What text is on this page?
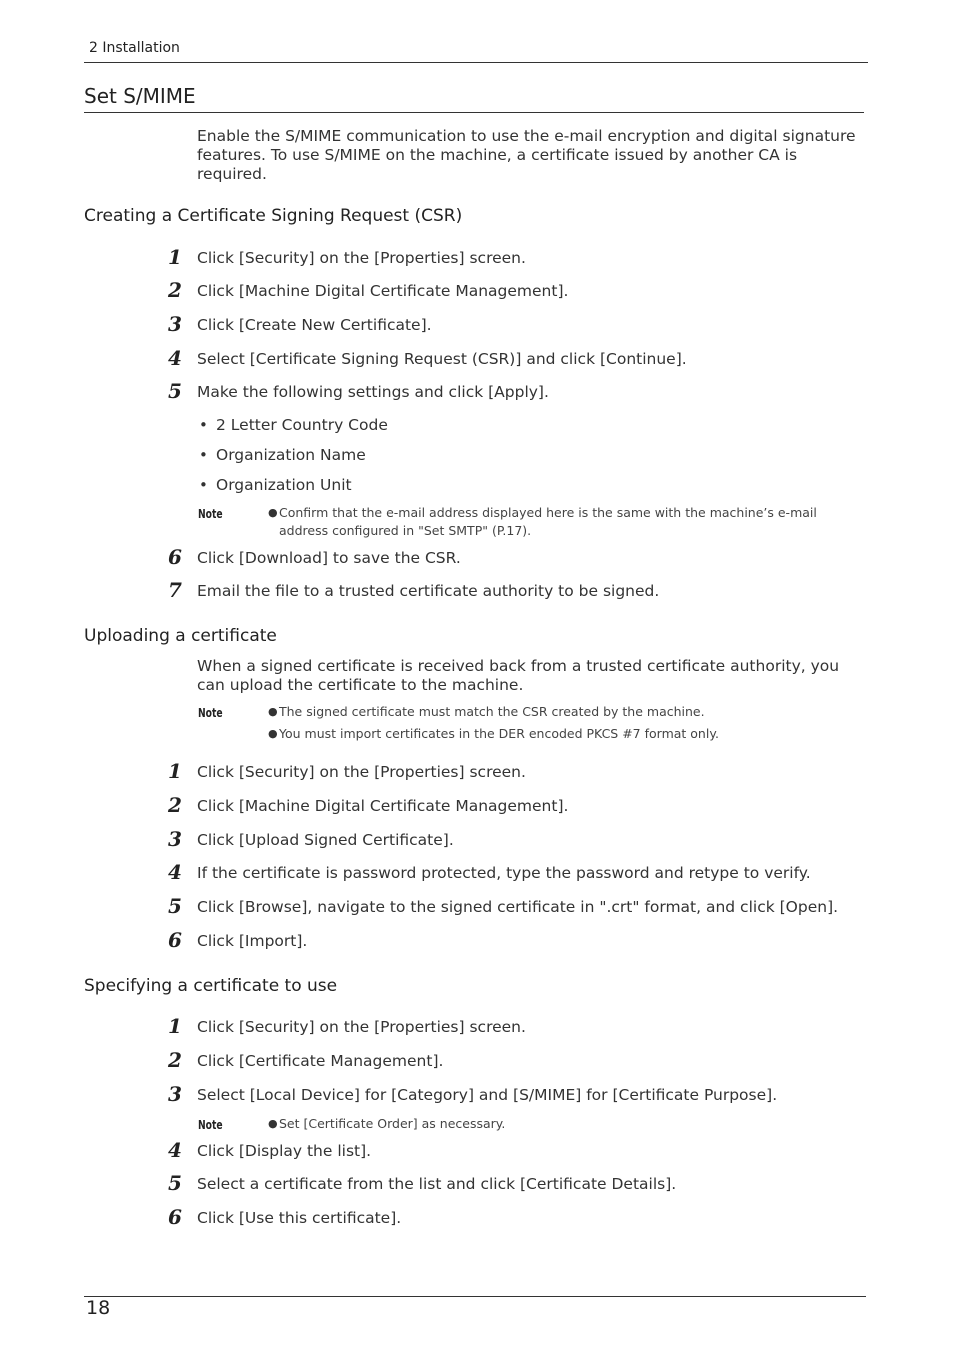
2 Installation
Set S/MIME
Enable the S/MIME communication to use the e-mail encryption and digital signature features. To use S/MIME on the machine, a certificate issued by another CA is required.
Creating a Certificate Signing Request (CSR)
1 Click [Security] on the [Properties] screen.
2 Click [Machine Digital Certificate Management].
3 Click [Create New Certificate].
4 Select [Certificate Signing Request (CSR)] and click [Continue].
5 Make the following settings and click [Apply].
• 2 Letter Country Code
• Organization Name
• Organization Unit
Note	● Confirm that the e-mail address displayed here is the same with the machine’s e-mail address configured in "Set SMTP" (P.17).
6 Click [Download] to save the CSR.
7 Email the file to a trusted certificate authority to be signed.
Uploading a certificate
When a signed certificate is received back from a trusted certificate authority, you can upload the certificate to the machine.
Note	● The signed certificate must match the CSR created by the machine.
● You must import certificates in the DER encoded PKCS #7 format only.
1 Click [Security] on the [Properties] screen.
2 Click [Machine Digital Certificate Management].
3 Click [Upload Signed Certificate].
4 If the certificate is password protected, type the password and retype to verify.
5 Click [Browse], navigate to the signed certificate in ".crt" format, and click [Open].
6 Click [Import].
Specifying a certificate to use
1 Click [Security] on the [Properties] screen.
2 Click [Certificate Management].
3 Select [Local Device] for [Category] and [S/MIME] for [Certificate Purpose].
Note	● Set [Certificate Order] as necessary.
4 Click [Display the list].
5 Select a certificate from the list and click [Certificate Details].
6 Click [Use this certificate].
18
